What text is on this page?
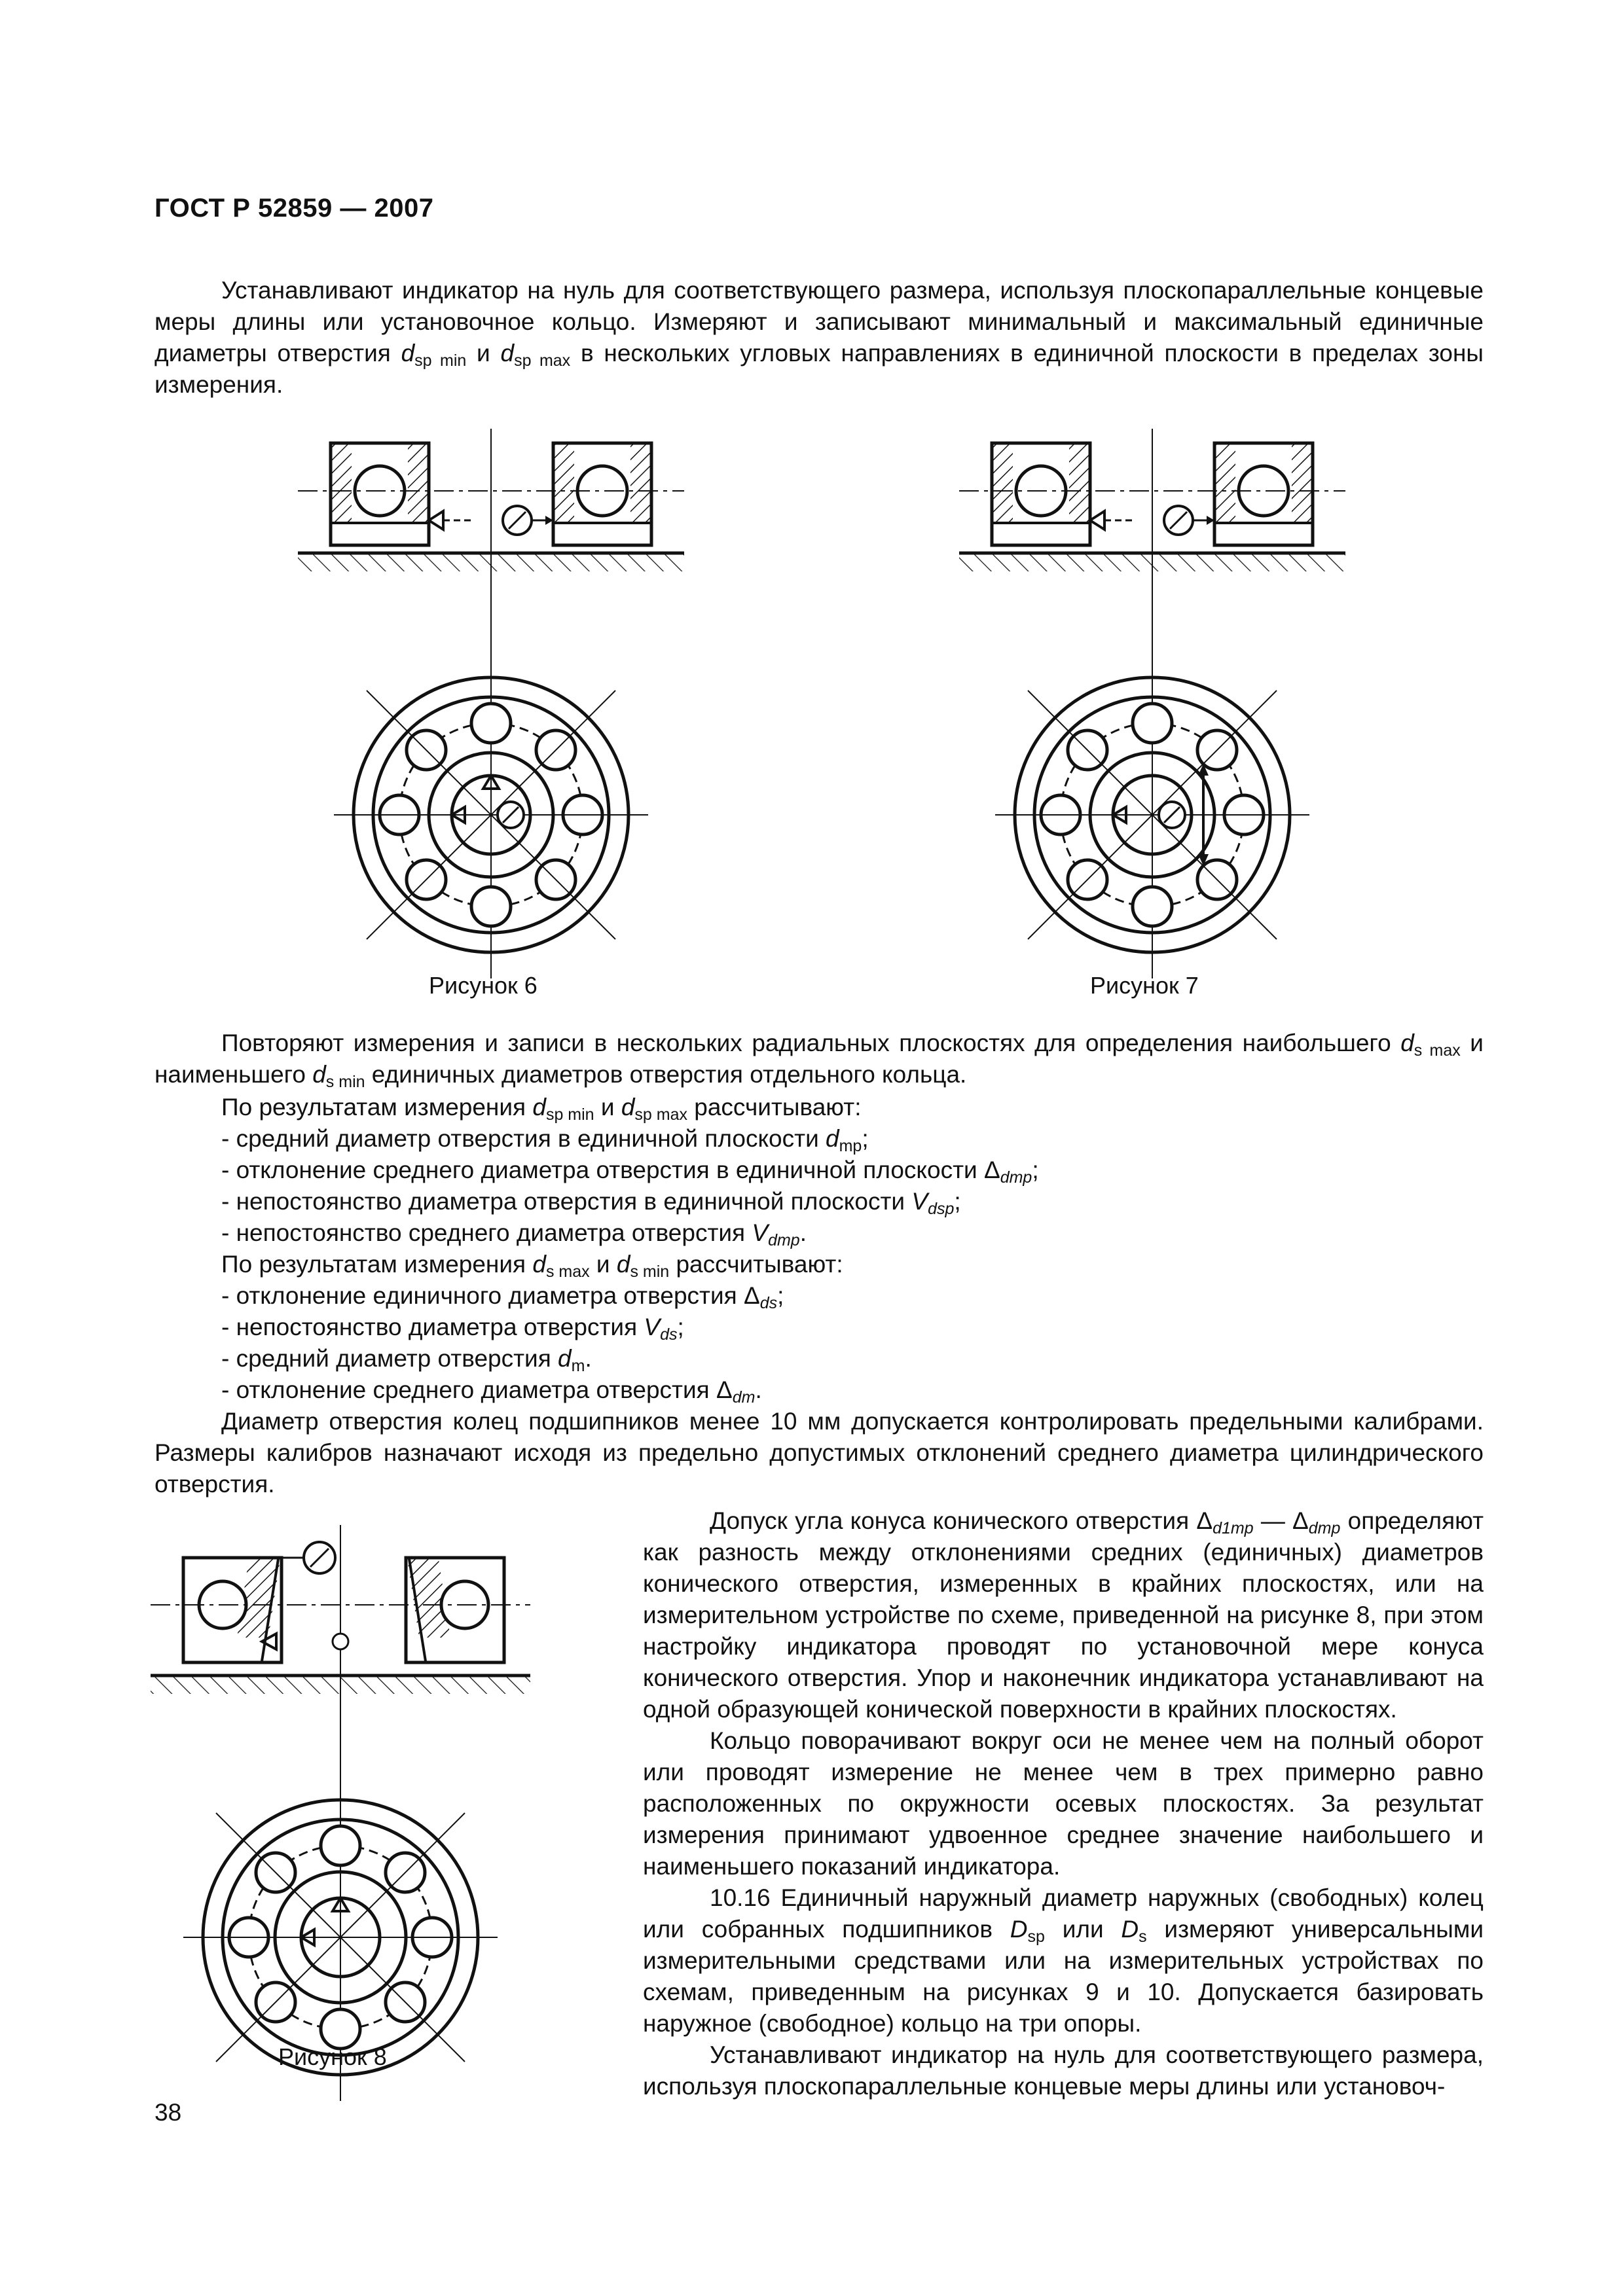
ГОСТ Р 52859 — 2007
Устанавливают индикатор на нуль для соответствующего размера, используя плоскопараллельные концевые меры длины или установочное кольцо. Измеряют и записывают минимальный и максимальный единичные диаметры отверстия $d_{sp min}$ и $d_{sp max}$ в нескольких угловых направлениях в единичной плоскости в пределах зоны измерения.
Рисунок 6	Рисунок 7
Повторяют измерения и записи в нескольких радиальных плоскостях для определения наибольшего $d_{s max}$ и наименьшего $d_{s min}$ единичных диаметров отверстия отдельного кольца.
По результатам измерения $d_{sp min}$ и $d_{sp max}$ рассчитывают:
- средний диаметр отверстия в единичной плоскости $d_{mp}$;
- отклонение среднего диаметра отверстия в единичной плоскости $\Delta_{dmp}$;
- непостоянство диаметра отверстия в единичной плоскости $V_{dsp}$;
- непостоянство среднего диаметра отверстия $V_{dmp}$.
По результатам измерения $d_{s max}$ и $d_{s min}$ рассчитывают:
- отклонение единичного диаметра отверстия $\Delta_{ds}$;
- непостоянство диаметра отверстия $V_{ds}$;
- средний диаметр отверстия $d_m$.
- отклонение среднего диаметра отверстия $\Delta_{dm}$.
Диаметр отверстия колец подшипников менее 10 мм допускается контролировать предельными калибрами. Размеры калибров назначают исходя из предельно допустимых отклонений среднего диаметра цилиндрического отверстия.
Рисунок 8
Допуск угла конуса конического отверстия $\Delta_{d1mp}$ — $\Delta_{dmp}$ определяют как разность между отклонениями средних (единичных) диаметров конического отверстия, измеренных в крайних плоскостях, или на измерительном устройстве по схеме, приведенной на рисунке 8, при этом настройку индикатора проводят по установочной мере конуса конического отверстия. Упор и наконечник индикатора устанавливают на одной образующей конической поверхности в крайних плоскостях.
Кольцо поворачивают вокруг оси не менее чем на полный оборот или проводят измерение не менее чем в трех примерно равно расположенных по окружности осевых плоскостях. За результат измерения принимают удвоенное среднее значение наибольшего и наименьшего показаний индикатора.
10.16 Единичный наружный диаметр наружных (свободных) колец или собранных подшипников $D_{sp}$ или $D_s$ измеряют универсальными измерительными средствами или на измерительных устройствах по схемам, приведенным на рисунках 9 и 10. Допускается базировать наружное (свободное) кольцо на три опоры.
Устанавливают индикатор на нуль для соответствующего размера, используя плоскопараллельные концевые меры длины или установоч-
38
